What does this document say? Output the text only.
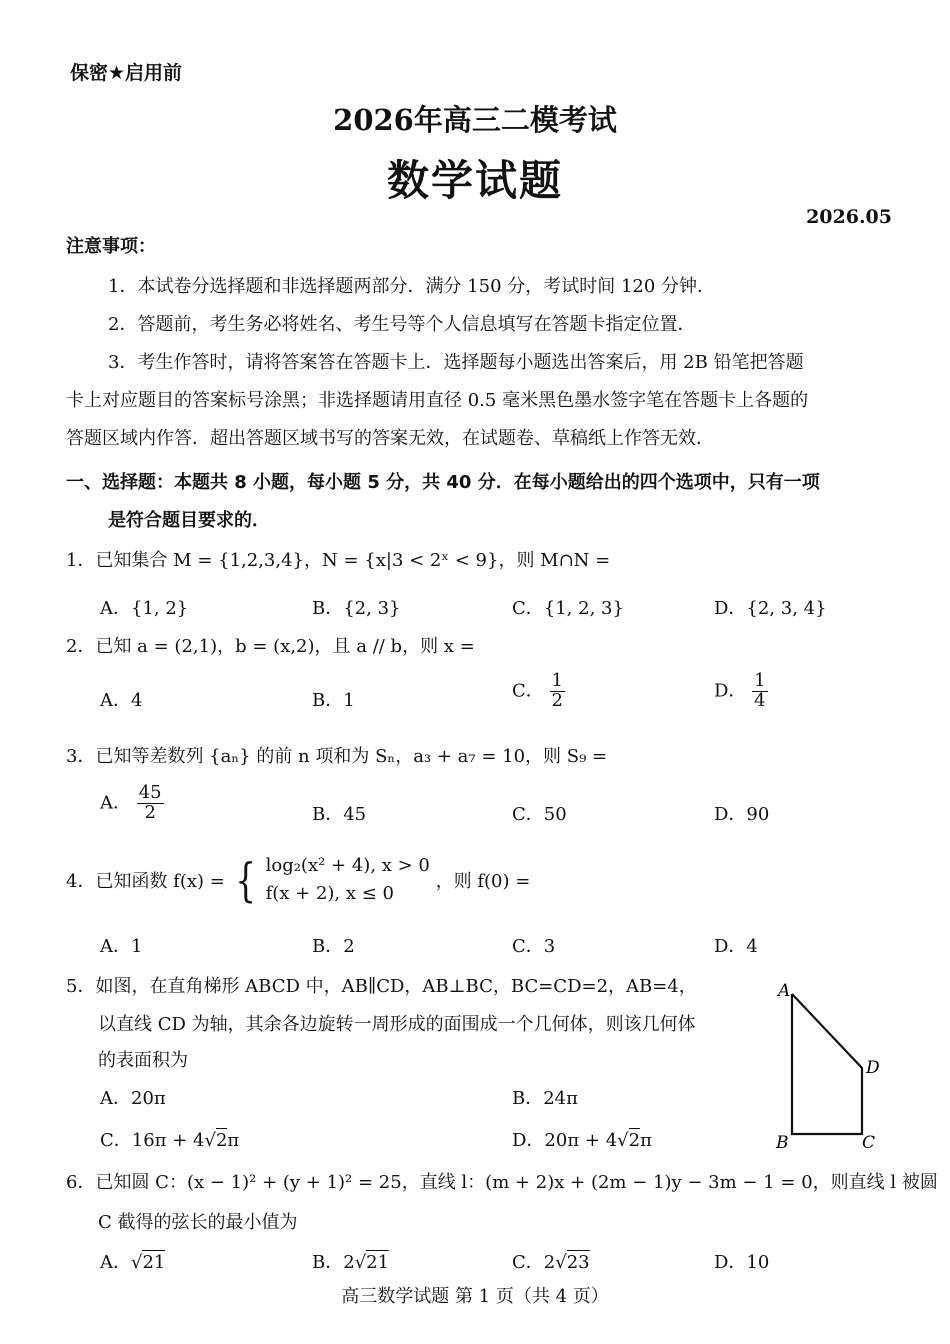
保密★启用前
2026年高三二模考试
数学试题
2026.05
注意事项：
1．本试卷分选择题和非选择题两部分．满分 150 分，考试时间 120 分钟．
2．答题前，考生务必将姓名、考生号等个人信息填写在答题卡指定位置．
3．考生作答时，请将答案答在答题卡上．选择题每小题选出答案后，用 2B 铅笔把答题
卡上对应题目的答案标号涂黑；非选择题请用直径 0.5 毫米黑色墨水签字笔在答题卡上各题的
答题区域内作答．超出答题区域书写的答案无效，在试题卷、草稿纸上作答无效．
一、选择题：本题共 8 小题，每小题 5 分，共 40 分．在每小题给出的四个选项中，只有一项
是符合题目要求的．
1．已知集合 M = {1,2,3,4}，N = {x|3 < 2ˣ < 9}，则 M∩N =
A．{1, 2}	B．{2, 3}	C．{1, 2, 3}	D．{2, 3, 4}
2．已知 a = (2,1)，b = (x,2)，且 a // b，则 x =
A．4	B．1	C． $\frac{1}{2}$	D． $\frac{1}{4}$
3．已知等差数列 {aₙ} 的前 n 项和为 Sₙ，a₃ + a₇ = 10，则 S₉ =
A． $\frac{45}{2}$	B．45	C．50	D．90
4．已知函数 f(x) = { log₂(x² + 4), x > 0
f(x + 2), x ≤ 0
，则 f(0) =
A．1	B．2	C．3	D．4
5．如图，在直角梯形 ABCD 中，AB∥CD，AB⊥BC，BC=CD=2，AB=4，
以直线 CD 为轴，其余各边旋转一周形成的面围成一个几何体，则该几何体
的表面积为
A．20π	B．24π
C．16π + 4√2π	D．20π + 4√2π
A
B	C
D
6．已知圆 C：(x − 1)² + (y + 1)² = 25，直线 l：(m + 2)x + (2m − 1)y − 3m − 1 = 0，则直线 l 被圆
C 截得的弦长的最小值为
A．√21	B．2√21	C．2√23	D．10
高三数学试题 第 1 页（共 4 页）
